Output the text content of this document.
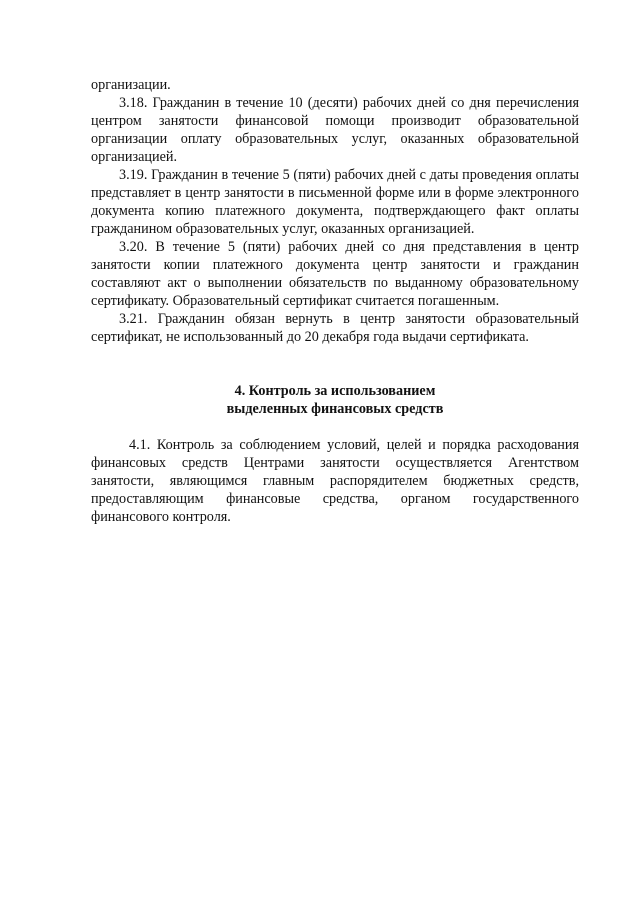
организации.

3.18. Гражданин в течение 10 (десяти) рабочих дней со дня перечисления центром занятости финансовой помощи производит образовательной организации оплату образовательных услуг, оказанных образовательной организацией.

3.19. Гражданин в течение 5 (пяти) рабочих дней с даты проведения оплаты представляет в центр занятости в письменной форме или в форме электронного документа копию платежного документа, подтверждающего факт оплаты гражданином образовательных услуг, оказанных организацией.

3.20. В течение 5 (пяти) рабочих дней со дня представления в центр занятости копии платежного документа центр занятости и гражданин составляют акт о выполнении обязательств по выданному образовательному сертификату. Образовательный сертификат считается погашенным.

3.21. Гражданин обязан вернуть в центр занятости образовательный сертификат, не использованный до 20 декабря года выдачи сертификата.

4. Контроль за использованием
выделенных финансовых средств

4.1. Контроль за соблюдением условий, целей и порядка расходования финансовых средств Центрами занятости осуществляется Агентством занятости, являющимся главным распорядителем бюджетных средств, предоставляющим финансовые средства, органом государственного финансового контроля.
